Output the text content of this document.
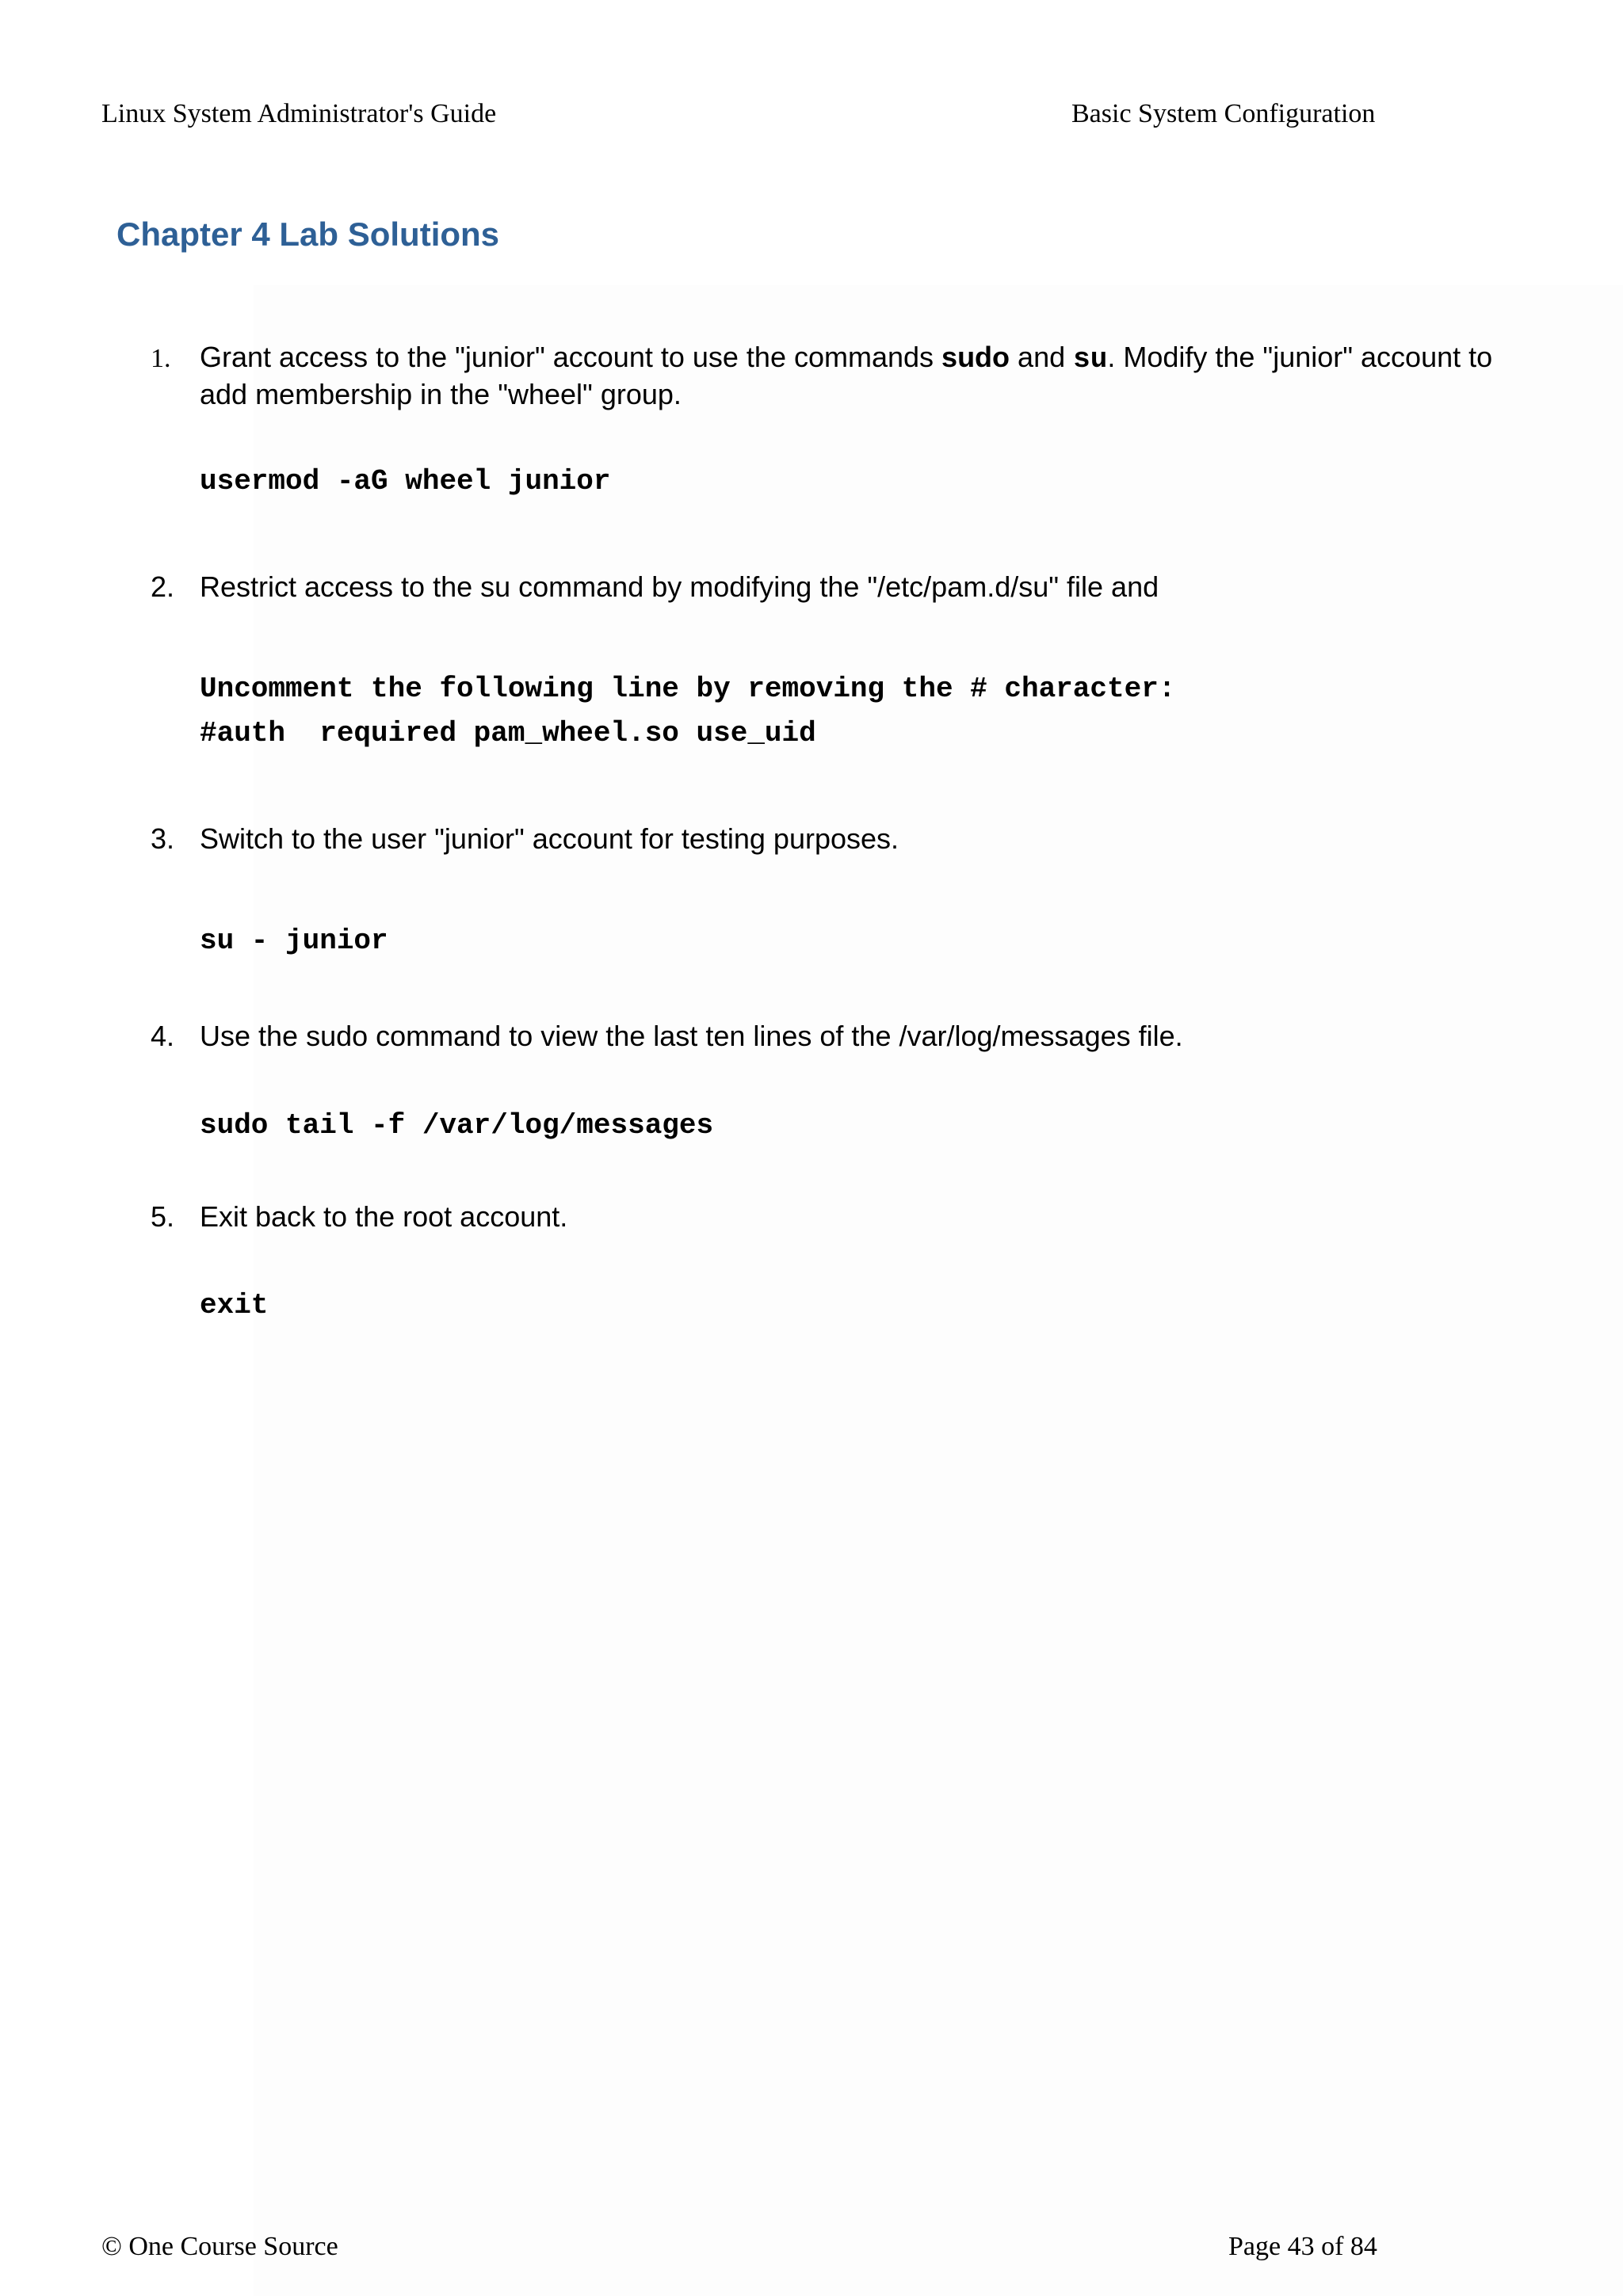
Linux System Administrator's Guide	Basic System Configuration
Chapter 4 Lab Solutions
1. Grant access to the "junior" account to use the commands sudo and su. Modify the "junior" account to add membership in the "wheel" group.
usermod -aG wheel junior
2. Restrict access to the su command by modifying the "/etc/pam.d/su" file and
Uncomment the following line by removing the # character:
#auth  required pam_wheel.so use_uid
3. Switch to the user "junior" account for testing purposes.
su - junior
4. Use the sudo command to view the last ten lines of the /var/log/messages file.
sudo tail -f /var/log/messages
5. Exit back to the root account.
exit
© One Course Source	Page 43 of 84
